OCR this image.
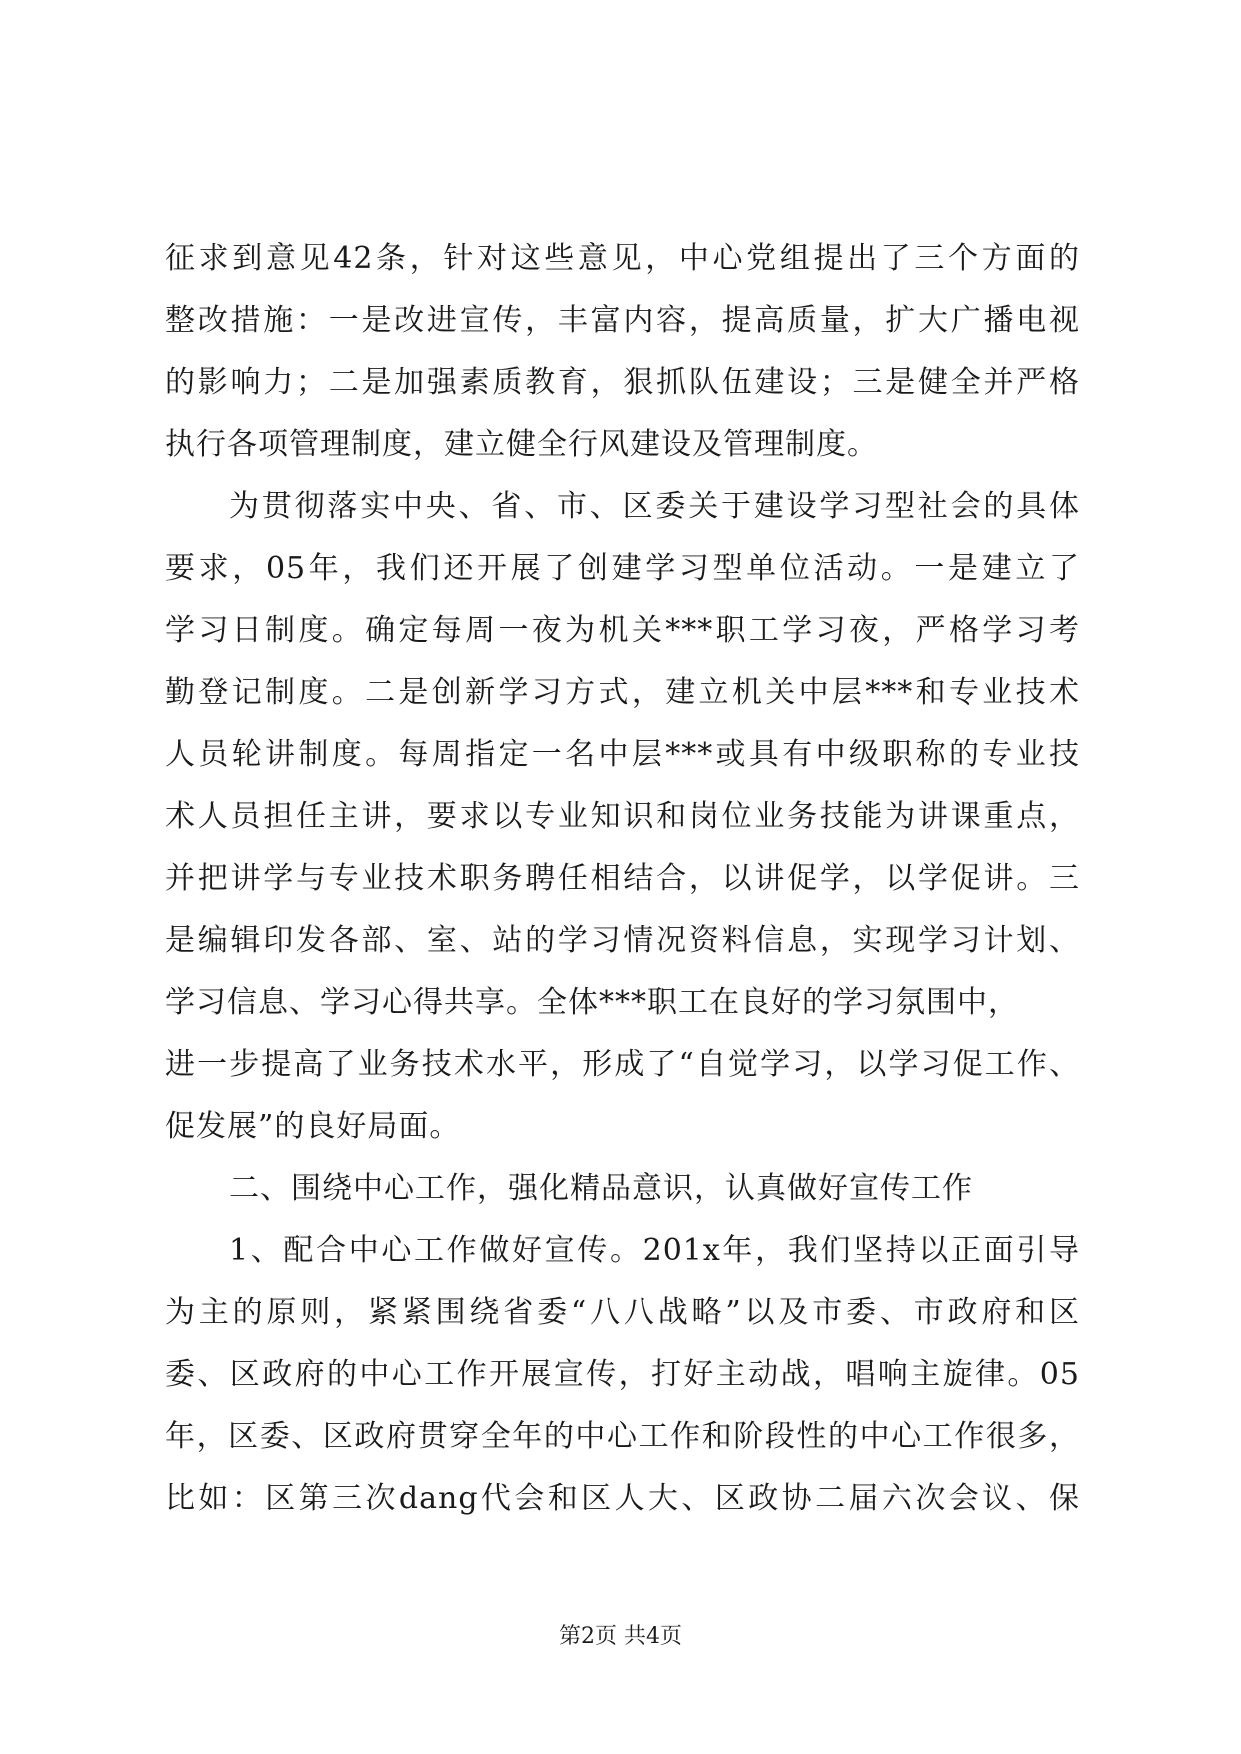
征求到意见42条，针对这些意见，中心党组提出了三个方面的
整改措施：一是改进宣传，丰富内容，提高质量，扩大广播电视
的影响力；二是加强素质教育，狠抓队伍建设；三是健全并严格
执行各项管理制度，建立健全行风建设及管理制度。
为贯彻落实中央、省、市、区委关于建设学习型社会的具体
要求，05年，我们还开展了创建学习型单位活动。一是建立了
学习日制度。确定每周一夜为机关***职工学习夜，严格学习考
勤登记制度。二是创新学习方式，建立机关中层***和专业技术
人员轮讲制度。每周指定一名中层***或具有中级职称的专业技
术人员担任主讲，要求以专业知识和岗位业务技能为讲课重点，
并把讲学与专业技术职务聘任相结合，以讲促学，以学促讲。三
是编辑印发各部、室、站的学习情况资料信息，实现学习计划、
学习信息、学习心得共享。全体***职工在良好的学习氛围中，
进一步提高了业务技术水平，形成了“自觉学习，以学习促工作、
促发展”的良好局面。
二、围绕中心工作，强化精品意识，认真做好宣传工作
1、配合中心工作做好宣传。201x年，我们坚持以正面引导
为主的原则，紧紧围绕省委“八八战略”以及市委、市政府和区
委、区政府的中心工作开展宣传，打好主动战，唱响主旋律。05
年，区委、区政府贯穿全年的中心工作和阶段性的中心工作很多，
比如：区第三次dang代会和区人大、区政协二届六次会议、保
第2页 共4页
